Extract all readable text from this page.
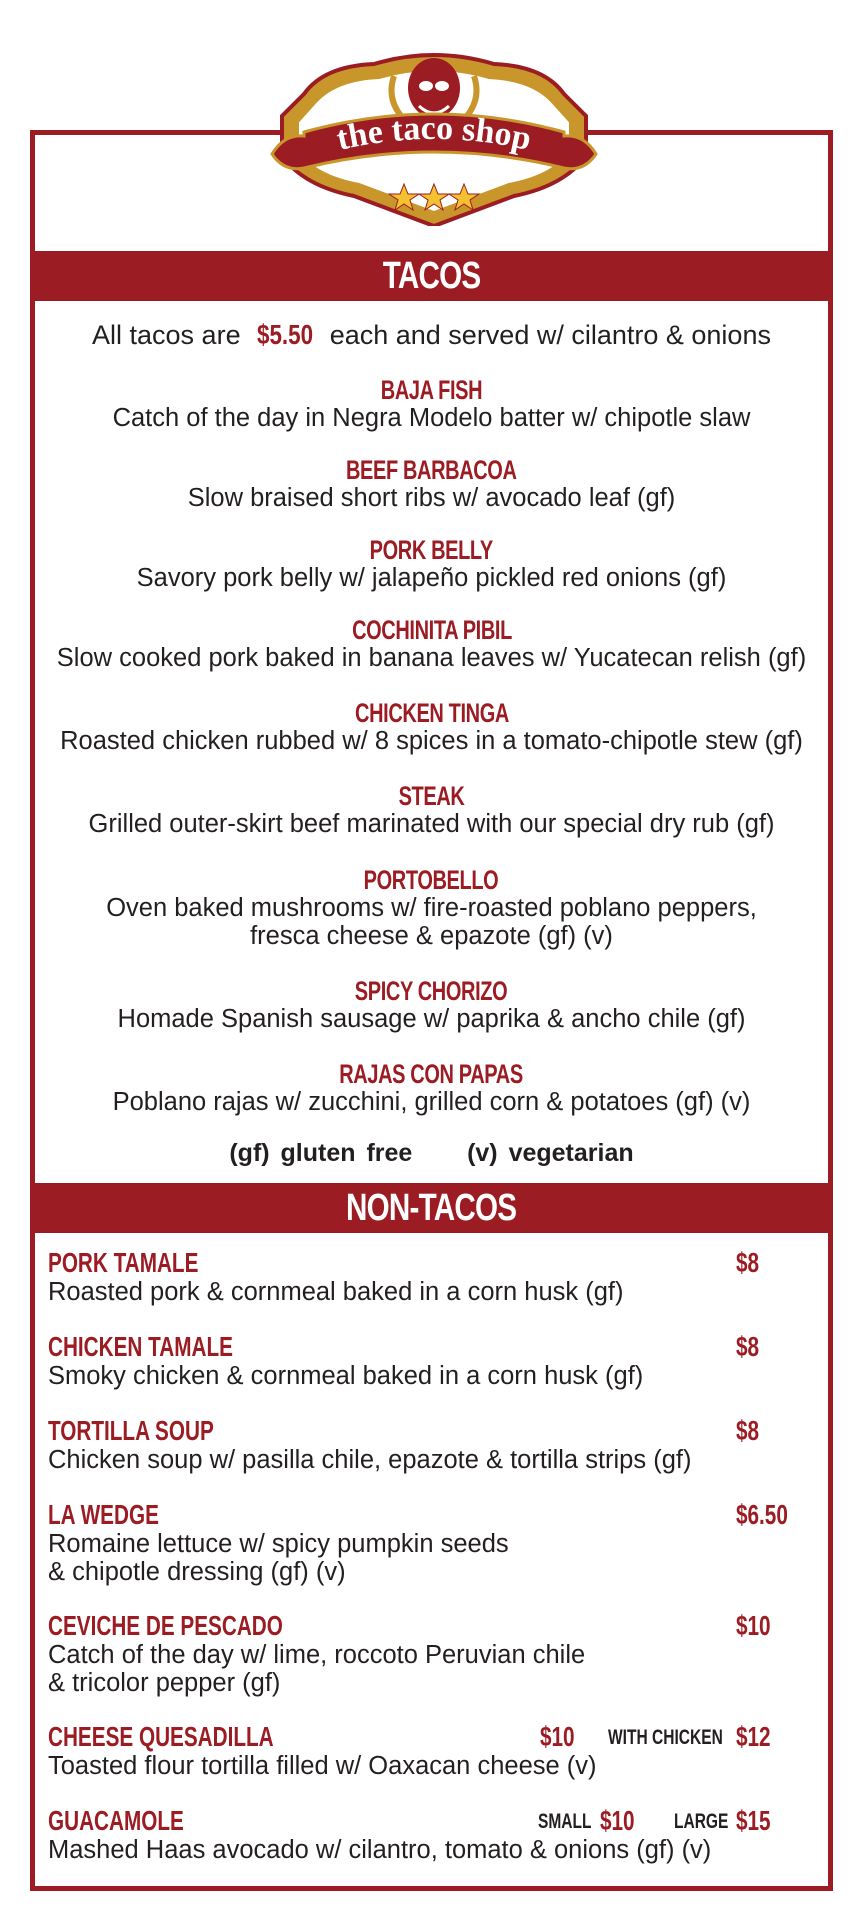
the taco shop
TACOS
All tacos are $5.50 each and served w/ cilantro & onions
BAJA FISH
Catch of the day in Negra Modelo batter w/ chipotle slaw
BEEF BARBACOA
Slow braised short ribs w/ avocado leaf (gf)
PORK BELLY
Savory pork belly w/ jalapeño pickled red onions (gf)
COCHINITA PIBIL
Slow cooked pork baked in banana leaves w/ Yucatecan relish (gf)
CHICKEN TINGA
Roasted chicken rubbed w/ 8 spices in a tomato-chipotle stew (gf)
STEAK
Grilled outer-skirt beef marinated with our special dry rub (gf)
PORTOBELLO
Oven baked mushrooms w/ fire-roasted poblano peppers,
fresca cheese & epazote (gf) (v)
SPICY CHORIZO
Homade Spanish sausage w/ paprika & ancho chile (gf)
RAJAS CON PAPAS
Poblano rajas w/ zucchini, grilled corn & potatoes (gf) (v)
(gf) gluten free (v) vegetarian
NON-TACOS
PORK TAMALE	$8
Roasted pork & cornmeal baked in a corn husk (gf)
CHICKEN TAMALE	$8
Smoky chicken & cornmeal baked in a corn husk (gf)
TORTILLA SOUP	$8
Chicken soup w/ pasilla chile, epazote & tortilla strips (gf)
LA WEDGE	$6.50
Romaine lettuce w/ spicy pumpkin seeds
& chipotle dressing (gf) (v)
CEVICHE DE PESCADO	$10
Catch of the day w/ lime, roccoto Peruvian chile
& tricolor pepper (gf)
CHEESE QUESADILLA	$10	WITH CHICKEN $12
Toasted flour tortilla filled w/ Oaxacan cheese (v)
GUACAMOLE	SMALL $10	LARGE $15
Mashed Haas avocado w/ cilantro, tomato & onions (gf) (v)
